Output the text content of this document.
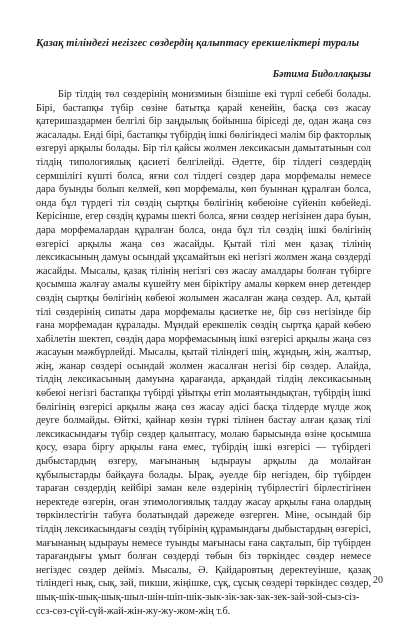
Қазақ тіліндегі негізгес сөздердің қалыптасу ерекшеліктері туралы

Бәтима Бидоллақызы

Бір тілдің төл сөздерінің монизмиын бізшіше екі түрлі себебі болады. Бірі, бастапқы түбір сөзіне батытқа қарай кенейін, басқа сөз жасау қатеришаздармен белгілі бір заңдылық бойынша біріседі де, одан жаңа сөз жасалады. Енді бірі, бастапқы түбірдің ішкі бөлігіндесі мәлім бір факторлық өзгеруі арқылы болады. Бір тіл қайсы жолмен лексикасын дамытатынын сол тілдің типологиялық қасиеті белгілейді. Әдетте, бір тілдегі сөздердің сермшілігі күшті болса, яғни сол тілдегі сөздер дара морфемалы немесе дара буынды болып келмей, көп морфемалы, көп буыннан құралған болса, онда бұл түрдегі тіл сөздің сыртқы бөлігінің көбеюіне сүйеніп көбейеді. Керісінше, егер сөздің құрамы шекті болса, яғни сөздер негізінен дара буын, дара морфемалардан құралған болса, онда бұл тіл сөздің ішкі бөлігінің өзгерісі арқылы жаңа сөз жасайды. Қытай тілі мен қазақ тілінің лексикасының дамуы осындай ұқсамайтын екі негізгі жолмен жаңа сөздерді жасайды. Мысалы, қазақ тілінің негізгі сөз жасау амалдары болған түбірге қосымша жалғау амалы күшейту мен біріктіру амалы көркем өнер детендер сөздің сыртқы бөлігінің көбеюі жолымен жасалған жаңа сөздер. Ал, қытай тілі сөздерінің сипаты дара морфемалы қасиетке не, бір сөз негізінде бір ғана морфемадан құралады. Мұндай ерекшелік сөздің сыртқа қарай көбею хабілетін шектеп, сөздің дара морфемасының ішкі өзгерісі арқылы жаңа сөз жасауын мәжбүрлейді. Мысалы, қытай тіліндегі шің, жұндың, жің, жалтыр, жің, жанар сөздері осындай жолмен жасалған негізі бір сөздер. Алайда, тілдің лексикасының дамуына қарағанда, арқандай тілдің лексикасының көбеюі негізгі бастапқы түбірді ұйытқы етіп молаятындықтан, түбірдің ішкі бөлігінің өзгерісі арқылы жаңа сөз жасау әдісі басқа тілдерде мүлде жоқ деуге болмайды. Өйткі, қайнар көзін түркі тілінен бастау алған қазақ тілі лексикасындағы түбір сөздер қалыптасу, молаю барысында өзіне қосымша қосу, өзара біргу арқылы ғана емес, түбірдің ішкі өзгерісі — түбірдегі дыбыстардың өзгеру, мағынаның ыдырауы арқылы да молайған құбылыстарды байқауға болады. Ырақ, әуелде бір негізден, бір түбірден тараған сөздердің кейбірі заман келе өздерінің түбірлестігі бірлестігінен неректеде өзгерін, оған этимологиялық талдау жасау арқылы ғана олардың төркінлестігін табуға болатындай дәрежеде өзгерген. Міне, осындай бір тілдің лексикасындағы сөздің түбірінің құрамындағы дыбыстардың өзгерісі, мағынаның ыдырауы немесе туынды мағынасы ғана сақталып, бір түбірден тарағандығы ұмыт болған сөздерді төбын біз төркіндес сөздер немесе негіздес сөздер дейміз. Мысалы, Ә. Қайдаровтың деректеуінше, қазақ тіліндегі нық, сық, зәй, пикши, жіңішке, сұқ, сұсық сөздері төркіндес сөздер, шық-шік-шық-шық-шыл-шін-шіп-шік-зык-зік-зак-зак-зек-зай-зой-сыз-сіз-ссз-сөз-сүй-сүй-жай-жін-жу-жу-жом-жің т.б.

20
